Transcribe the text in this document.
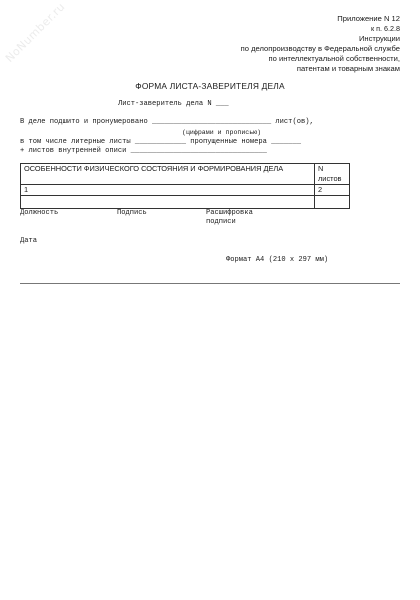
NoNumber.ru	Приложение N 12
к п. 6.2.8
Инструкции
по делопроизводству в Федеральной службе
по интеллектуальной собственности,
патентам и товарным знакам
ФОРМА ЛИСТА-ЗАВЕРИТЕЛЯ ДЕЛА
Лист-заверитель дела N ___
В деле подшито и пронумеровано ____________________________ лист(ов),
(цифрами и прописью)
в том числе литерные листы ____________ пропущенные номера _______
+ листов внутренней описи ________________________________
ОСОБЕННОСТИ ФИЗИЧЕСКОГО СОСТОЯНИЯ И ФОРМИРОВАНИЯ ДЕЛА	N листов
1	2

Должность	Подпись	Расшифровка
подписи
Дата
Формат А4 (210 x 297 мм)
